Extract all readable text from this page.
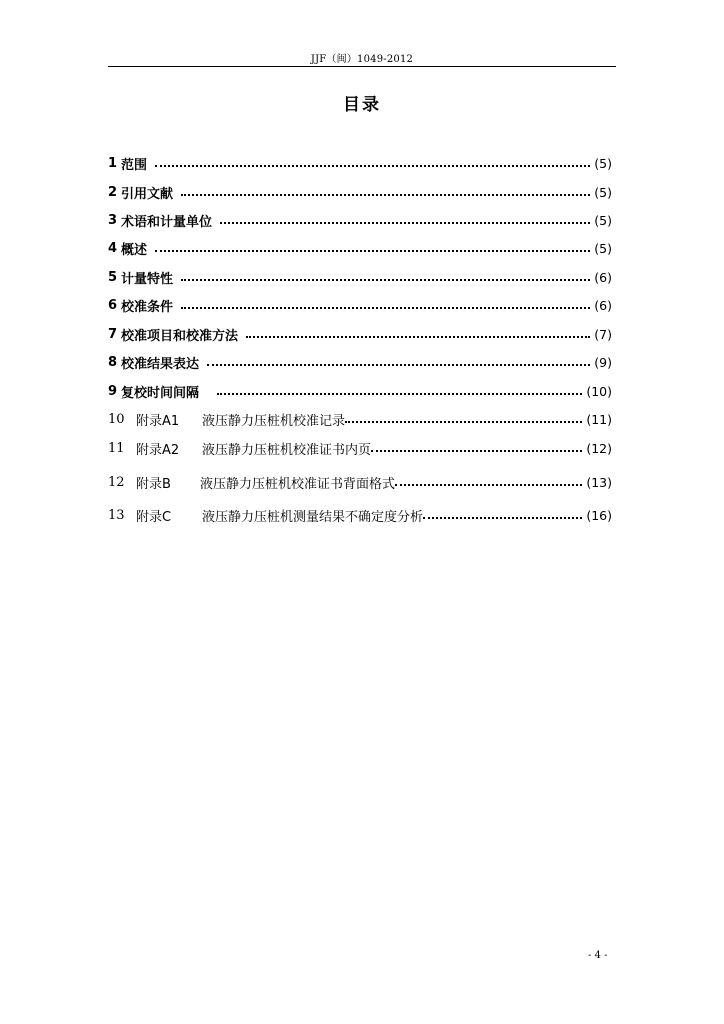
JJF（闽）1049-2012
目录
1 范围	(5)
2 引用文献	(5)
3 术语和计量单位	(5)
4 概述	(5)
5 计量特性	(6)
6 校准条件	(6)
7 校准项目和校准方法	(7)
8 校准结果表达	(9)
9 复校时间间隔	(10)
10 附录A1	液压静力压桩机校准记录	(11)
11 附录A2	液压静力压桩机校准证书内页	(12)
12 附录B	液压静力压桩机校准证书背面格式	(13)
13 附录C	液压静力压桩机测量结果不确定度分析	(16)
- 4 -
